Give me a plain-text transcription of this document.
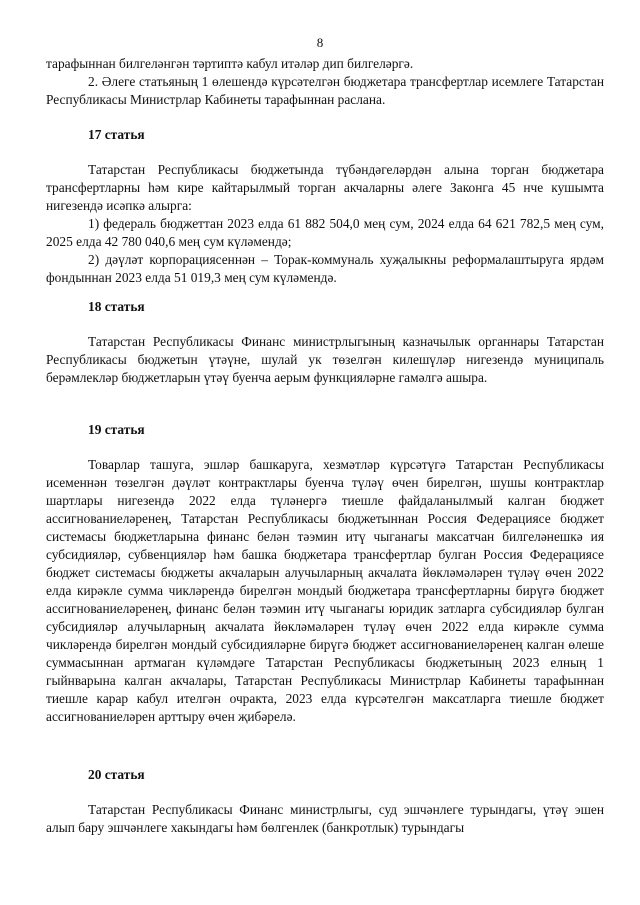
8

тарафыннан билгеләнгән тәртиптә кабул итәләр дип билгеләргә.

2. Әлеге статьяның 1 өлешендә күрсәтелгән бюджетара трансфертлар исемлеге Татарстан Республикасы Министрлар Кабинеты тарафыннан раслана.

17 статья

Татарстан Республикасы бюджетында түбәндәгеләрдән алына торган бюджетара трансфертларны һәм кире кайтарылмый торган акчаларны әлеге Законга 45 нче кушымта нигезендә исәпкә алырга:

1) федераль бюджеттан 2023 елда 61 882 504,0 мең сум, 2024 елда 64 621 782,5 мең сум, 2025 елда 42 780 040,6 мең сум күләмендә;

2) дәүләт корпорациясеннән – Торак-коммуналь хуҗалыкны реформалаштыруга ярдәм фондыннан 2023 елда 51 019,3 мең сум күләмендә.

18 статья

Татарстан Республикасы Финанс министрлыгының казначылык органнары Татарстан Республикасы бюджетын үтәүне, шулай ук төзелгән килешүләр нигезендә муниципаль берәмлекләр бюджетларын үтәү буенча аерым функцияләрне гамәлгә ашыра.

19 статья

Товарлар ташуга, эшләр башкаруга, хезмәтләр күрсәтүгә Татарстан Республикасы исеменнән төзелгән дәүләт контрактлары буенча түләү өчен бирелгән, шушы контрактлар шартлары нигезендә 2022 елда түләнергә тиешле файдаланылмый калган бюджет ассигнованиеләренең, Татарстан Республикасы бюджетыннан Россия Федерациясе бюджет системасы бюджетларына финанс белән тәэмин итү чыганагы максатчан билгеләнешкә ия субсидияләр, субвенцияләр һәм башка бюджетара трансфертлар булган Россия Федерациясе бюджет системасы бюджеты акчаларын алучыларның акчалата йөкләмәләрен түләү өчен 2022 елда кирәкле сумма чикләрендә бирелгән мондый бюджетара трансфертларны бирүгә бюджет ассигнованиеләренең, финанс белән тәэмин итү чыганагы юридик затларга субсидияләр булган субсидияләр алучыларның акчалата йөкләмәләрен түләү өчен 2022 елда кирәкле сумма чикләрендә бирелгән мондый субсидияләрне бирүгә бюджет ассигнованиеләренең калган өлеше суммасыннан артмаган күләмдәге Татарстан Республикасы бюджетының 2023 елның 1 гыйнварына калган акчалары, Татарстан Республикасы Министрлар Кабинеты тарафыннан тиешле карар кабул ителгән очракта, 2023 елда күрсәтелгән максатларга тиешле бюджет ассигнованиеләрен арттыру өчен җибәрелә.

20 статья

Татарстан Республикасы Финанс министрлыгы, суд эшчәнлеге турындагы, үтәү эшен алып бару эшчәнлеге хакындагы һәм бөлгенлек (банкротлык) турындагы
